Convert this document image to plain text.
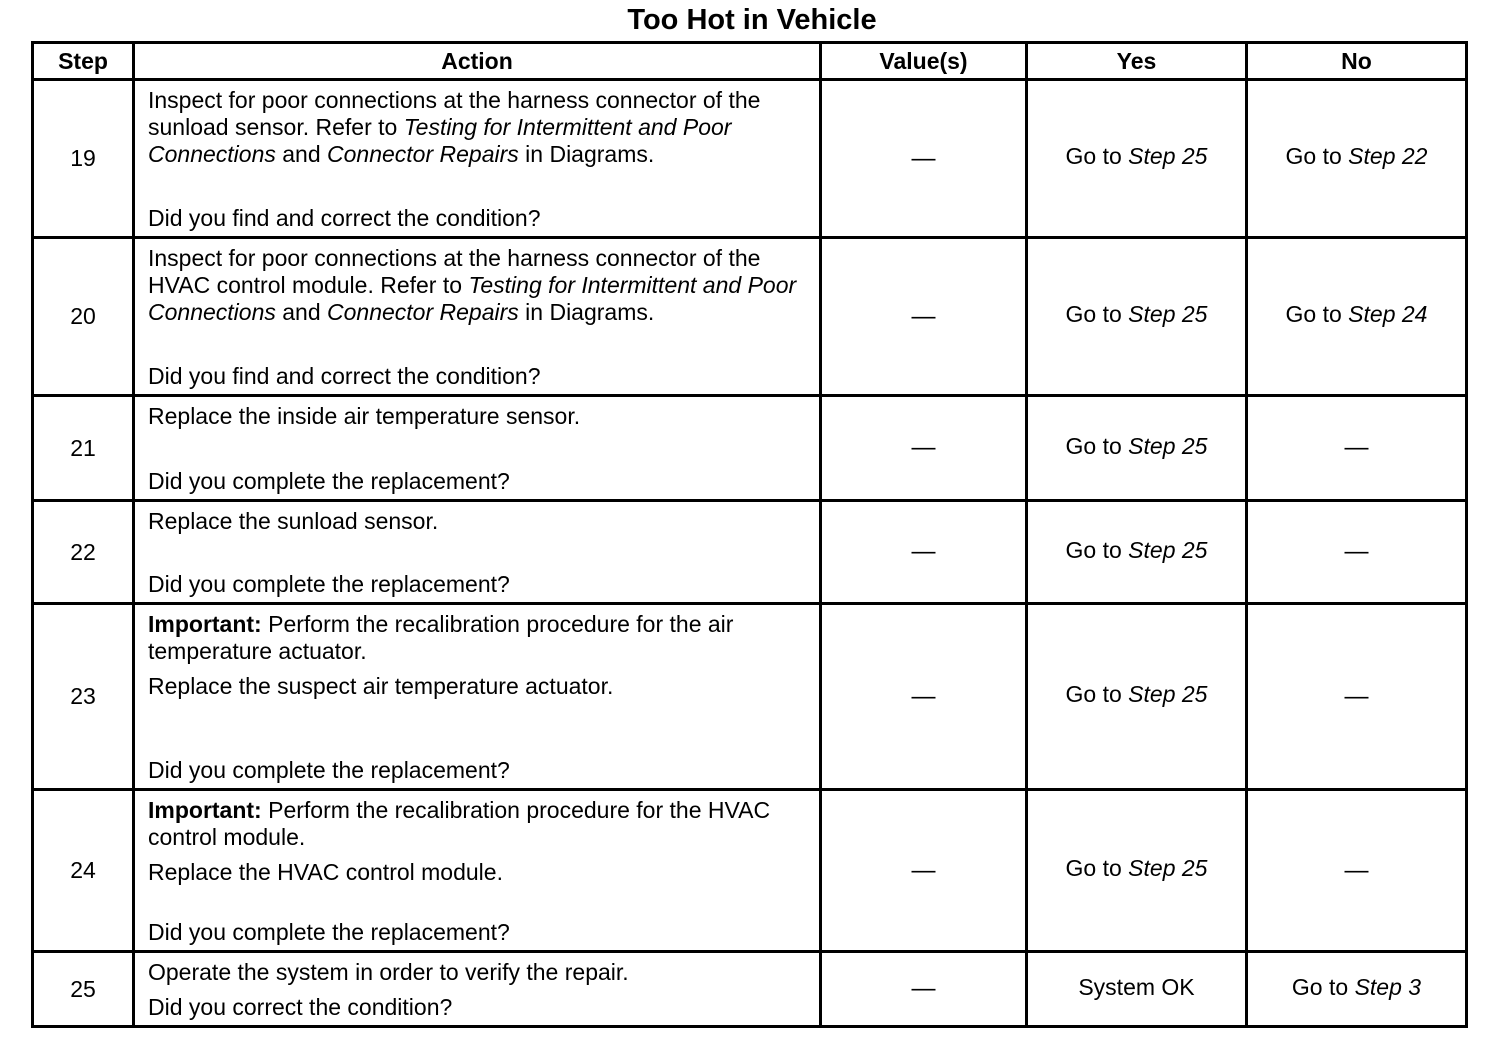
Too Hot in Vehicle
Step	Action	Value(s)	Yes	No
19	Inspect for poor connections at the harness connector of the sunload sensor. Refer to Testing for Intermittent and Poor Connections and Connector Repairs in Diagrams.

Did you find and correct the condition?	—	Go to Step 25	Go to Step 22
20	Inspect for poor connections at the harness connector of the HVAC control module. Refer to Testing for Intermittent and Poor Connections and Connector Repairs in Diagrams.

Did you find and correct the condition?	—	Go to Step 25	Go to Step 24
21	Replace the inside air temperature sensor.

Did you complete the replacement?	—	Go to Step 25	—
22	Replace the sunload sensor.

Did you complete the replacement?	—	Go to Step 25	—
23	Important: Perform the recalibration procedure for the air temperature actuator.

Replace the suspect air temperature actuator.

Did you complete the replacement?	—	Go to Step 25	—
24	Important: Perform the recalibration procedure for the HVAC control module.

Replace the HVAC control module.

Did you complete the replacement?	—	Go to Step 25	—
25	Operate the system in order to verify the repair.

Did you correct the condition?	—	System OK	Go to Step 3
